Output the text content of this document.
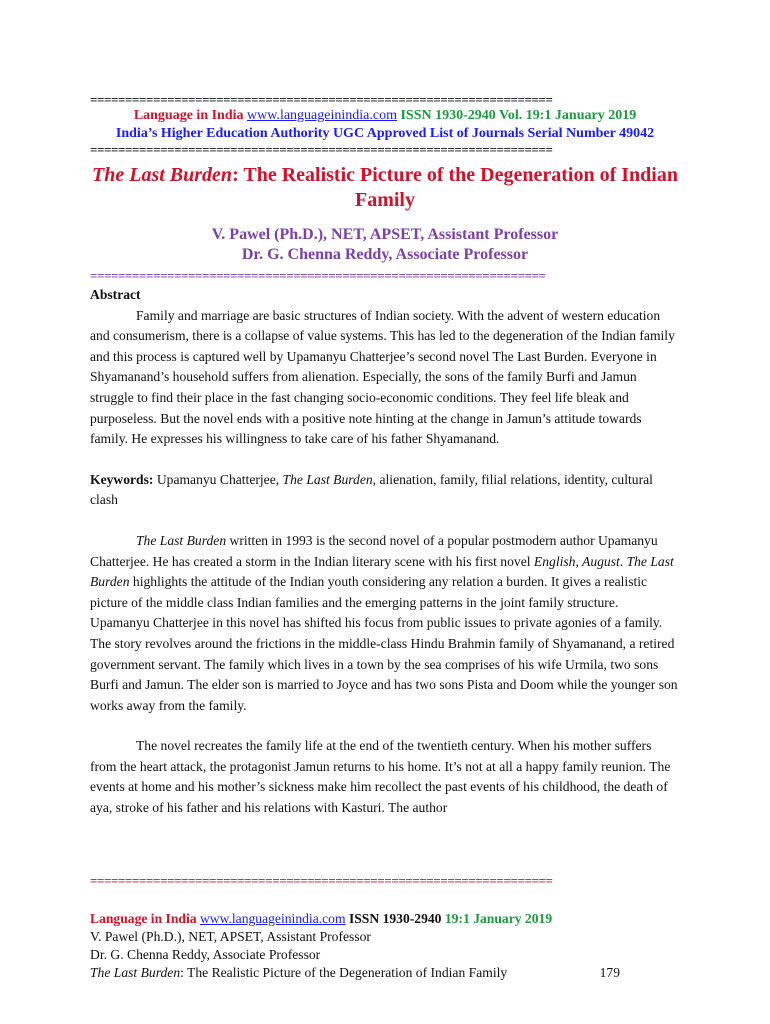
==================================================================
Language in India www.languageinindia.com ISSN 1930-2940 Vol. 19:1 January 2019
India’s Higher Education Authority UGC Approved List of Journals Serial Number 49042
==================================================================
The Last Burden: The Realistic Picture of the Degeneration of Indian Family
V. Pawel (Ph.D.), NET, APSET, Assistant Professor
Dr. G. Chenna Reddy, Associate Professor
=================================================================
Abstract
Family and marriage are basic structures of Indian society. With the advent of western education and consumerism, there is a collapse of value systems. This has led to the degeneration of the Indian family and this process is captured well by Upamanyu Chatterjee’s second novel The Last Burden. Everyone in Shyamanand’s household suffers from alienation. Especially, the sons of the family Burfi and Jamun struggle to find their place in the fast changing socio-economic conditions. They feel life bleak and purposeless. But the novel ends with a positive note hinting at the change in Jamun’s attitude towards family. He expresses his willingness to take care of his father Shyamanand.
Keywords: Upamanyu Chatterjee, The Last Burden, alienation, family, filial relations, identity, cultural clash
The Last Burden written in 1993 is the second novel of a popular postmodern author Upamanyu Chatterjee. He has created a storm in the Indian literary scene with his first novel English, August. The Last Burden highlights the attitude of the Indian youth considering any relation a burden. It gives a realistic picture of the middle class Indian families and the emerging patterns in the joint family structure. Upamanyu Chatterjee in this novel has shifted his focus from public issues to private agonies of a family. The story revolves around the frictions in the middle-class Hindu Brahmin family of Shyamanand, a retired government servant. The family which lives in a town by the sea comprises of his wife Urmila, two sons Burfi and Jamun. The elder son is married to Joyce and has two sons Pista and Doom while the younger son works away from the family.
The novel recreates the family life at the end of the twentieth century. When his mother suffers from the heart attack, the protagonist Jamun returns to his home. It’s not at all a happy family reunion. The events at home and his mother’s sickness make him recollect the past events of his childhood, the death of aya, stroke of his father and his relations with Kasturi. The author
==================================================================
Language in India www.languageinindia.com ISSN 1930-2940 19:1 January 2019
V. Pawel (Ph.D.), NET, APSET, Assistant Professor
Dr. G. Chenna Reddy, Associate Professor
The Last Burden: The Realistic Picture of the Degeneration of Indian Family	179
